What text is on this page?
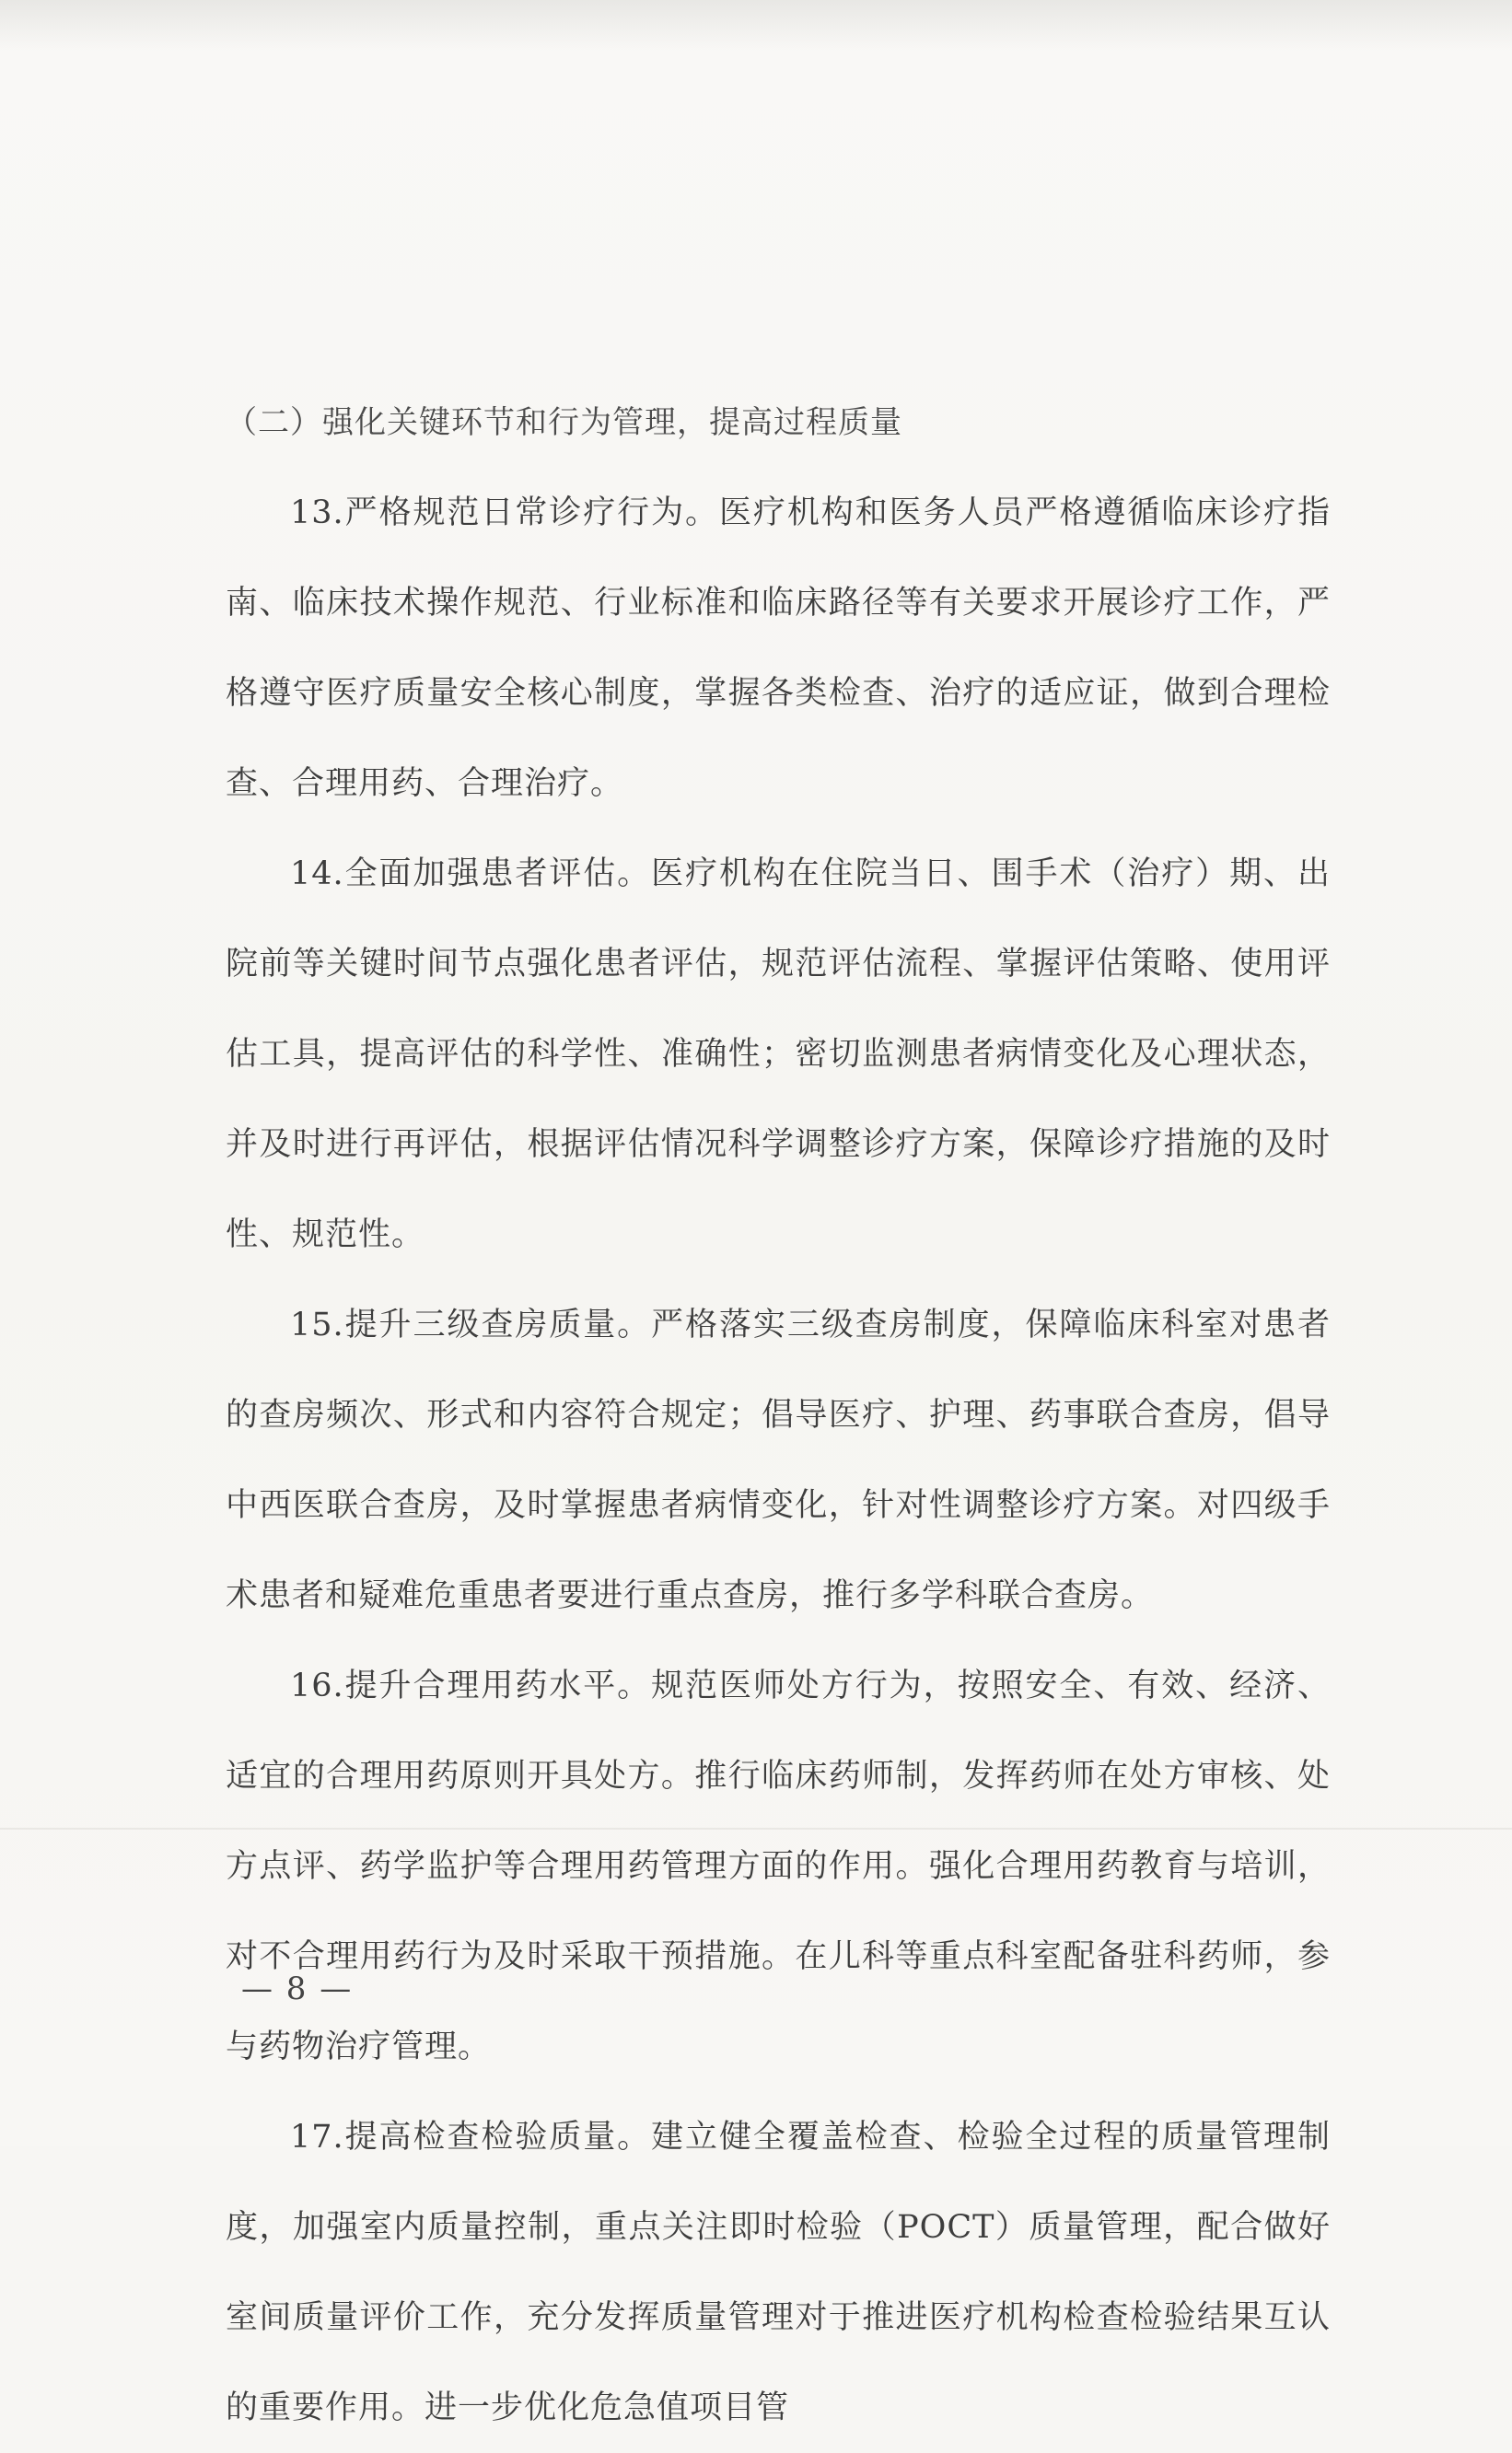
（二）强化关键环节和行为管理，提高过程质量

13.严格规范日常诊疗行为。医疗机构和医务人员严格遵循临床诊疗指南、临床技术操作规范、行业标准和临床路径等有关要求开展诊疗工作，严格遵守医疗质量安全核心制度，掌握各类检查、治疗的适应证，做到合理检查、合理用药、合理治疗。

14.全面加强患者评估。医疗机构在住院当日、围手术（治疗）期、出院前等关键时间节点强化患者评估，规范评估流程、掌握评估策略、使用评估工具，提高评估的科学性、准确性；密切监测患者病情变化及心理状态，并及时进行再评估，根据评估情况科学调整诊疗方案，保障诊疗措施的及时性、规范性。

15.提升三级查房质量。严格落实三级查房制度，保障临床科室对患者的查房频次、形式和内容符合规定；倡导医疗、护理、药事联合查房，倡导中西医联合查房，及时掌握患者病情变化，针对性调整诊疗方案。对四级手术患者和疑难危重患者要进行重点查房，推行多学科联合查房。

16.提升合理用药水平。规范医师处方行为，按照安全、有效、经济、适宜的合理用药原则开具处方。推行临床药师制，发挥药师在处方审核、处方点评、药学监护等合理用药管理方面的作用。强化合理用药教育与培训，对不合理用药行为及时采取干预措施。在儿科等重点科室配备驻科药师，参与药物治疗管理。

17.提高检查检验质量。建立健全覆盖检查、检验全过程的质量管理制度，加强室内质量控制，重点关注即时检验（POCT）质量管理，配合做好室间质量评价工作，充分发挥质量管理对于推进医疗机构检查检验结果互认的重要作用。进一步优化危急值项目管

— 8 —
